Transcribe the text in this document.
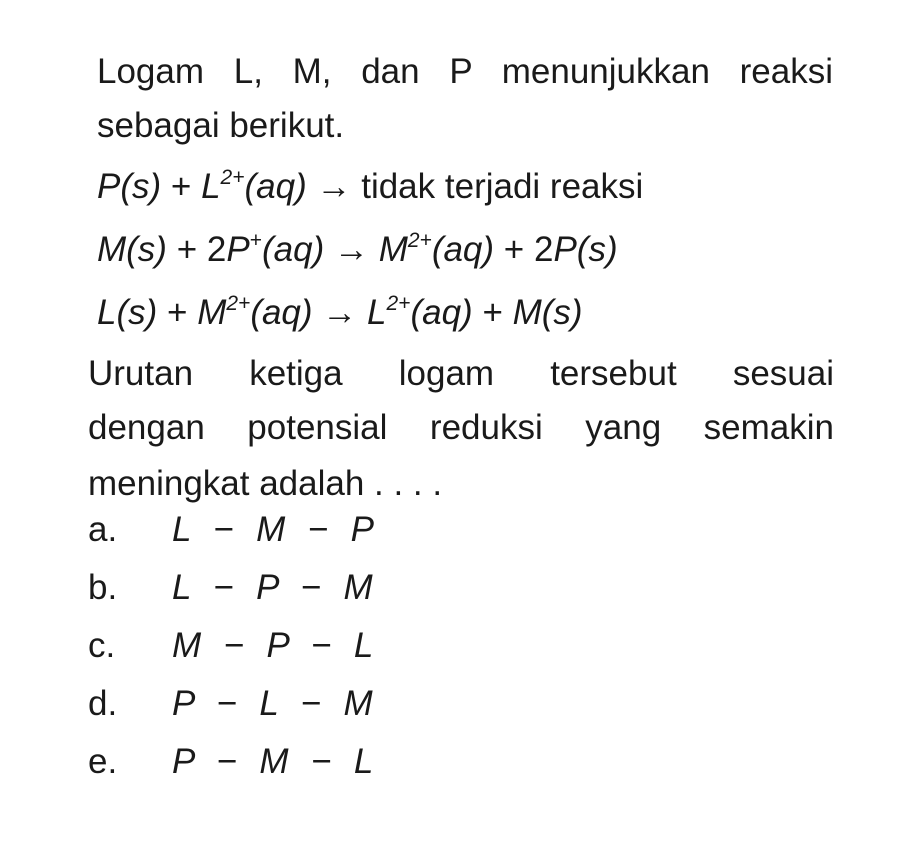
Logam L, M, dan P menunjukkan reaksi
sebagai berikut.
$P(s) + L^{2+}(aq)$ → tidak terjadi reaksi
$M(s) + 2P^+(aq) \to M^{2+}(aq) + 2P(s)$
$L(s) + M^{2+}(aq) \to L^{2+}(aq) + M(s)$
Urutan ketiga logam tersebut sesuai
dengan potensial reduksi yang semakin
meningkat adalah . . . .
a. L  −  M  −  P
b. L  −  P  −  M
c. M  −  P  −  L
d. P  −  L  −  M
e. P  −  M  −  L
